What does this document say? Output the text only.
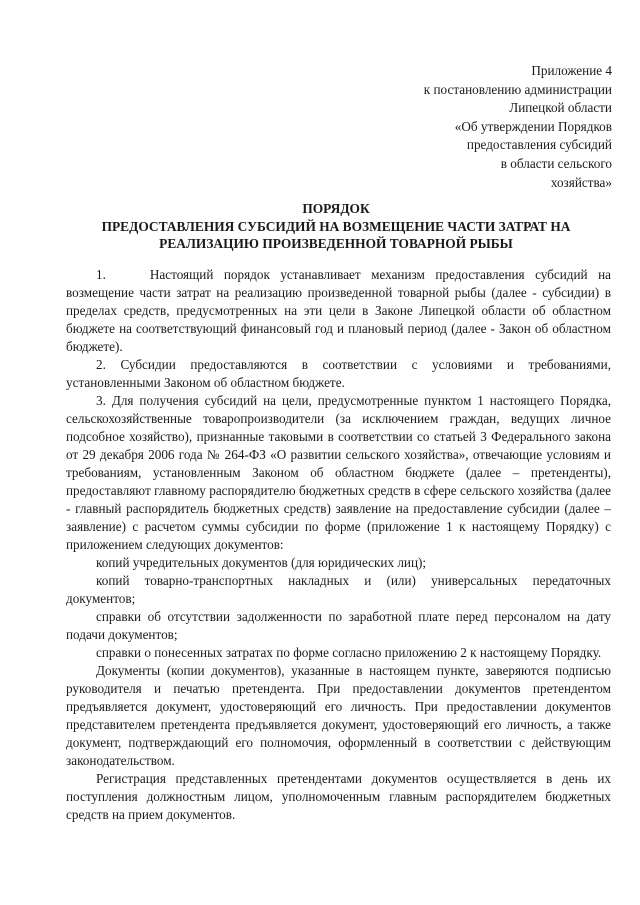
Приложение 4
к постановлению администрации
Липецкой области
«Об утверждении Порядков
предоставления субсидий
в области сельского
хозяйства»
ПОРЯДОК
ПРЕДОСТАВЛЕНИЯ СУБСИДИЙ НА ВОЗМЕЩЕНИЕ ЧАСТИ ЗАТРАТ НА
РЕАЛИЗАЦИЮ ПРОИЗВЕДЕННОЙ ТОВАРНОЙ РЫБЫ

1.	Настоящий порядок устанавливает механизм предоставления субсидий на возмещение части затрат на реализацию произведенной товарной рыбы (далее - субсидии) в пределах средств, предусмотренных на эти цели в Законе Липецкой области об областном бюджете на соответствующий финансовый год и плановый период (далее - Закон об областном бюджете).

2. Субсидии предоставляются в соответствии с условиями и требованиями, установленными Законом об областном бюджете.

3. Для получения субсидий на цели, предусмотренные пунктом 1 настоящего Порядка, сельскохозяйственные товаропроизводители (за исключением граждан, ведущих личное подсобное хозяйство), признанные таковыми в соответствии со статьей 3 Федерального закона от 29 декабря 2006 года № 264-ФЗ «О развитии сельского хозяйства», отвечающие условиям и требованиям, установленным Законом об областном бюджете (далее – претенденты), предоставляют главному распорядителю бюджетных средств в сфере сельского хозяйства (далее - главный распорядитель бюджетных средств) заявление на предоставление субсидии (далее – заявление) с расчетом суммы субсидии по форме (приложение 1 к настоящему Порядку) с приложением следующих документов:

копий учредительных документов (для юридических лиц);

копий товарно-транспортных накладных и (или) универсальных передаточных документов;

справки об отсутствии задолженности по заработной плате перед персоналом на дату подачи документов;

справки о понесенных затратах по форме согласно приложению 2 к настоящему Порядку.

Документы (копии документов), указанные в настоящем пункте, заверяются подписью руководителя и печатью претендента. При предоставлении документов претендентом предъявляется документ, удостоверяющий его личность. При предоставлении документов представителем претендента предъявляется документ, удостоверяющий его личность, а также документ, подтверждающий его полномочия, оформленный в соответствии с действующим законодательством.

Регистрация представленных претендентами документов осуществляется в день их поступления должностным лицом, уполномоченным главным распорядителем бюджетных средств на прием документов.
